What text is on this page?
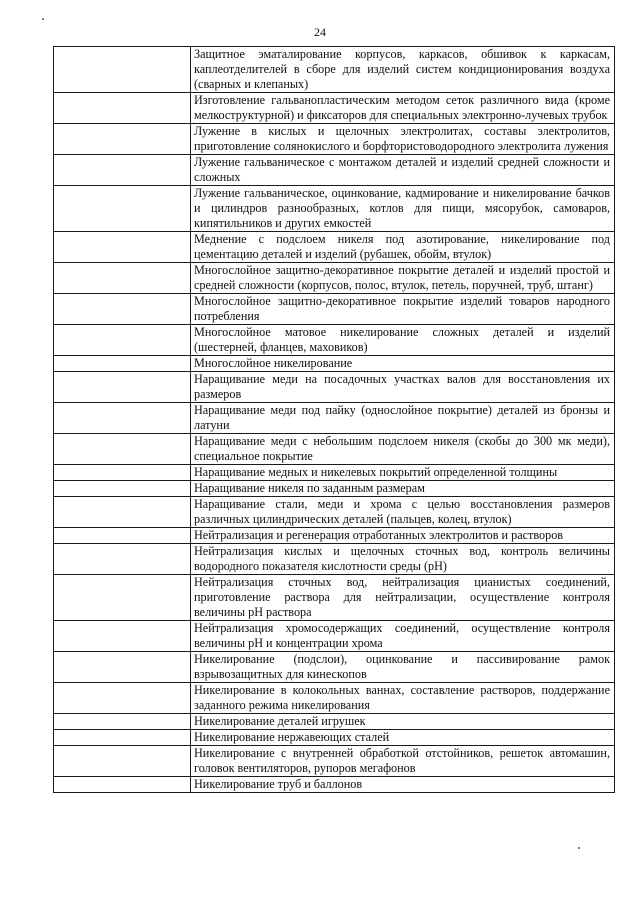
24
	Защитное эматалирование корпусов, каркасов, обшивок к каркасам, каплеотделителей в сборе для изделий систем кондиционирования воздуха (сварных и клепаных)
	Изготовление гальванопластическим методом сеток различного вида (кроме мелкоструктурной) и фиксаторов для специальных электронно-лучевых трубок
	Лужение в кислых и щелочных электролитах, составы электролитов, приготовление солянокислого и борфтористоводородного электролита лужения
	Лужение гальваническое с монтажом деталей и изделий средней сложности и сложных
	Лужение гальваническое, оцинкование, кадмирование и никелирование бачков и цилиндров разнообразных, котлов для пищи, мясорубок, самоваров, кипятильников и других емкостей
	Меднение с подслоем никеля под азотирование, никелирование под цементацию деталей и изделий (рубашек, обойм, втулок)
	Многослойное защитно-декоративное покрытие деталей и изделий простой и средней сложности (корпусов, полос, втулок, петель, поручней, труб, штанг)
	Многослойное защитно-декоративное покрытие изделий товаров народного потребления
	Многослойное матовое никелирование сложных деталей и изделий (шестерней, фланцев, маховиков)
	Многослойное никелирование
	Наращивание меди на посадочных участках валов для восстановления их размеров
	Наращивание меди под пайку (однослойное покрытие) деталей из бронзы и латуни
	Наращивание меди с небольшим подслоем никеля (скобы до 300 мк меди), специальное покрытие
	Наращивание медных и никелевых покрытий определенной толщины
	Наращивание никеля по заданным размерам
	Наращивание стали, меди и хрома с целью восстановления размеров различных цилиндрических деталей (пальцев, колец, втулок)
	Нейтрализация и регенерация отработанных электролитов и растворов
	Нейтрализация кислых и щелочных сточных вод, контроль величины водородного показателя кислотности среды (pH)
	Нейтрализация сточных вод, нейтрализация цианистых соединений, приготовление раствора для нейтрализации, осуществление контроля величины pH раствора
	Нейтрализация хромосодержащих соединений, осуществление контроля величины pH и концентрации хрома
	Никелирование (подслои), оцинкование и пассивирование рамок взрывозащитных для кинескопов
	Никелирование в колокольных ваннах, составление растворов, поддержание заданного режима никелирования
	Никелирование деталей игрушек
	Никелирование нержавеющих сталей
	Никелирование с внутренней обработкой отстойников, решеток автомашин, головок вентиляторов, рупоров мегафонов
	Никелирование труб и баллонов
